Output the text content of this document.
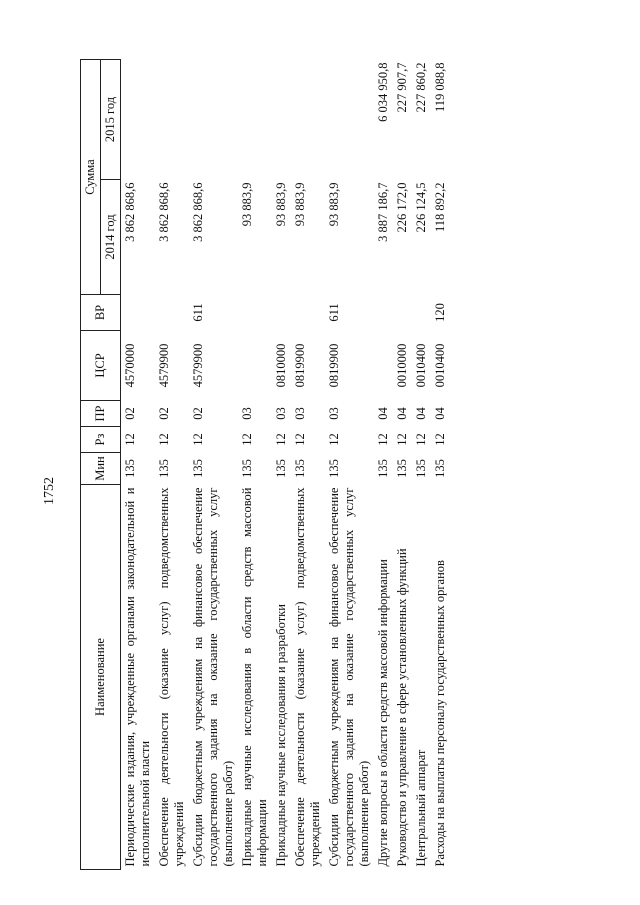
1752
Наименование	Мин	Рз	ПР	ЦСР	ВР	Сумма	
						2014 год	2015 год
Периодические издания, учрежденные органами законодательной и исполнительной власти	135	12	02	4570000		3 862 868,6	
Обеспечение деятельности (оказание услуг) подведомственных учреждений	135	12	02	4579900		3 862 868,6	
Субсидии бюджетным учреждениям на финансовое обеспечение государственного задания на оказание государственных услуг (выполнение работ)	135	12	02	4579900	611	3 862 868,6	
Прикладные научные исследования в области средств массовой информации	135	12	03			93 883,9	
Прикладные научные исследования и разработки	135	12	03	0810000		93 883,9	
Обеспечение деятельности (оказание услуг) подведомственных учреждений	135	12	03	0819900		93 883,9	
Субсидии бюджетным учреждениям на финансовое обеспечение государственного задания на оказание государственных услуг (выполнение работ)	135	12	03	0819900	611	93 883,9	
Другие вопросы в области средств массовой информации	135	12	04			3 887 186,7	6 034 950,8
Руководство и управление в сфере установленных функций	135	12	04	0010000		226 172,0	227 907,7
Центральный аппарат	135	12	04	0010400		226 124,5	227 860,2
Расходы на выплаты персоналу государственных органов	135	12	04	0010400	120	118 892,2	119 088,8
